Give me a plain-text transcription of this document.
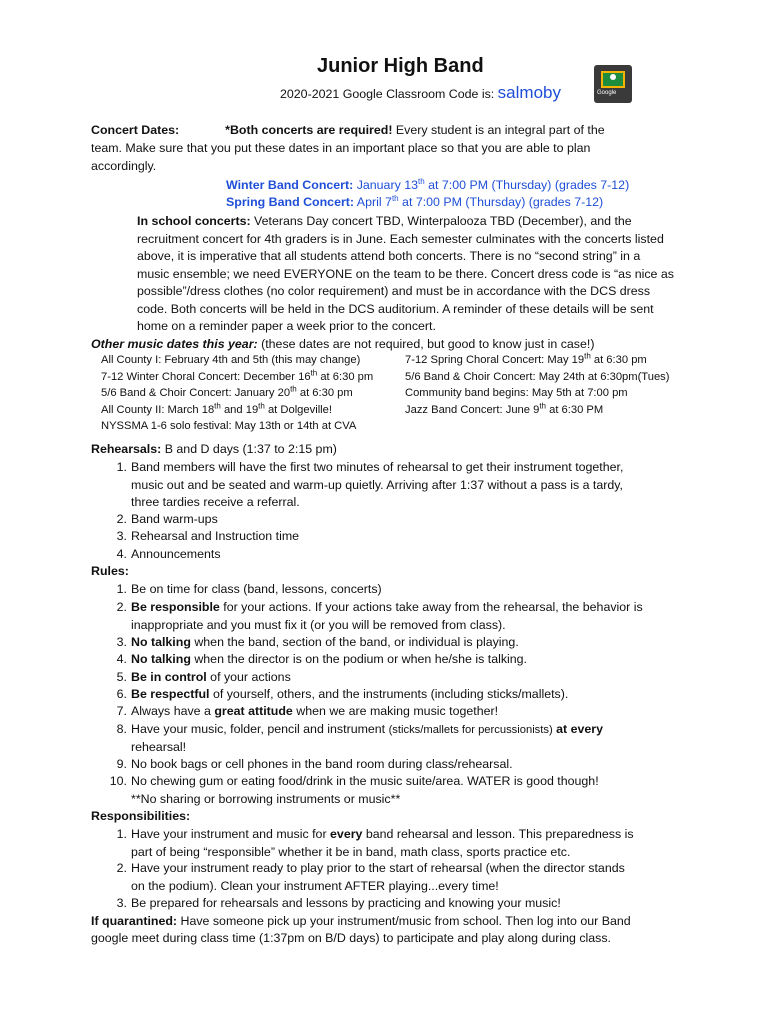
Junior High Band
2020-2021 Google Classroom Code is: salmoby	Google
Concert Dates:	*Both concerts are required! Every student is an integral part of the
team. Make sure that you put these dates in an important place so that you are able to plan
accordingly.
Winter Band Concert: January 13th at 7:00 PM (Thursday) (grades 7-12)
Spring Band Concert: April 7th at 7:00 PM (Thursday) (grades 7-12)
In school concerts: Veterans Day concert TBD, Winterpalooza TBD (December), and the
recruitment concert for 4th graders is in June. Each semester culminates with the concerts listed
above, it is imperative that all students attend both concerts. There is no “second string” in a
music ensemble; we need EVERYONE on the team to be there. Concert dress code is “as nice as
possible”/dress clothes (no color requirement) and must be in accordance with the DCS dress
code. Both concerts will be held in the DCS auditorium. A reminder of these details will be sent
home on a reminder paper a week prior to the concert.
Other music dates this year: (these dates are not required, but good to know just in case!)
All County I: February 4th and 5th (this may change)
7-12 Winter Choral Concert: December 16th at 6:30 pm
5/6 Band & Choir Concert: January 20th at 6:30 pm
All County II: March 18th and 19th at Dolgeville!
NYSSMA 1-6 solo festival: May 13th or 14th at CVA
7-12 Spring Choral Concert: May 19th at 6:30 pm
5/6 Band & Choir Concert: May 24th at 6:30pm(Tues)
Community band begins: May 5th at 7:00 pm
Jazz Band Concert: June 9th at 6:30 PM
Rehearsals: B and D days (1:37 to 2:15 pm)
1. Band members will have the first two minutes of rehearsal to get their instrument together,
music out and be seated and warm-up quietly. Arriving after 1:37 without a pass is a tardy,
three tardies receive a referral.
2. Band warm-ups
3. Rehearsal and Instruction time
4. Announcements
Rules:
1. Be on time for class (band, lessons, concerts)
2. Be responsible for your actions. If your actions take away from the rehearsal, the behavior is
inappropriate and you must fix it (or you will be removed from class).
3. No talking when the band, section of the band, or individual is playing.
4. No talking when the director is on the podium or when he/she is talking.
5. Be in control of your actions
6. Be respectful of yourself, others, and the instruments (including sticks/mallets).
7. Always have a great attitude when we are making music together!
8. Have your music, folder, pencil and instrument (sticks/mallets for percussionists) at every
rehearsal!
9. No book bags or cell phones in the band room during class/rehearsal.
10. No chewing gum or eating food/drink in the music suite/area. WATER is good though!
**No sharing or borrowing instruments or music**
Responsibilities:
1. Have your instrument and music for every band rehearsal and lesson. This preparedness is
part of being “responsible” whether it be in band, math class, sports practice etc.
2. Have your instrument ready to play prior to the start of rehearsal (when the director stands
on the podium). Clean your instrument AFTER playing...every time!
3. Be prepared for rehearsals and lessons by practicing and knowing your music!
If quarantined: Have someone pick up your instrument/music from school. Then log into our Band
google meet during class time (1:37pm on B/D days) to participate and play along during class.
